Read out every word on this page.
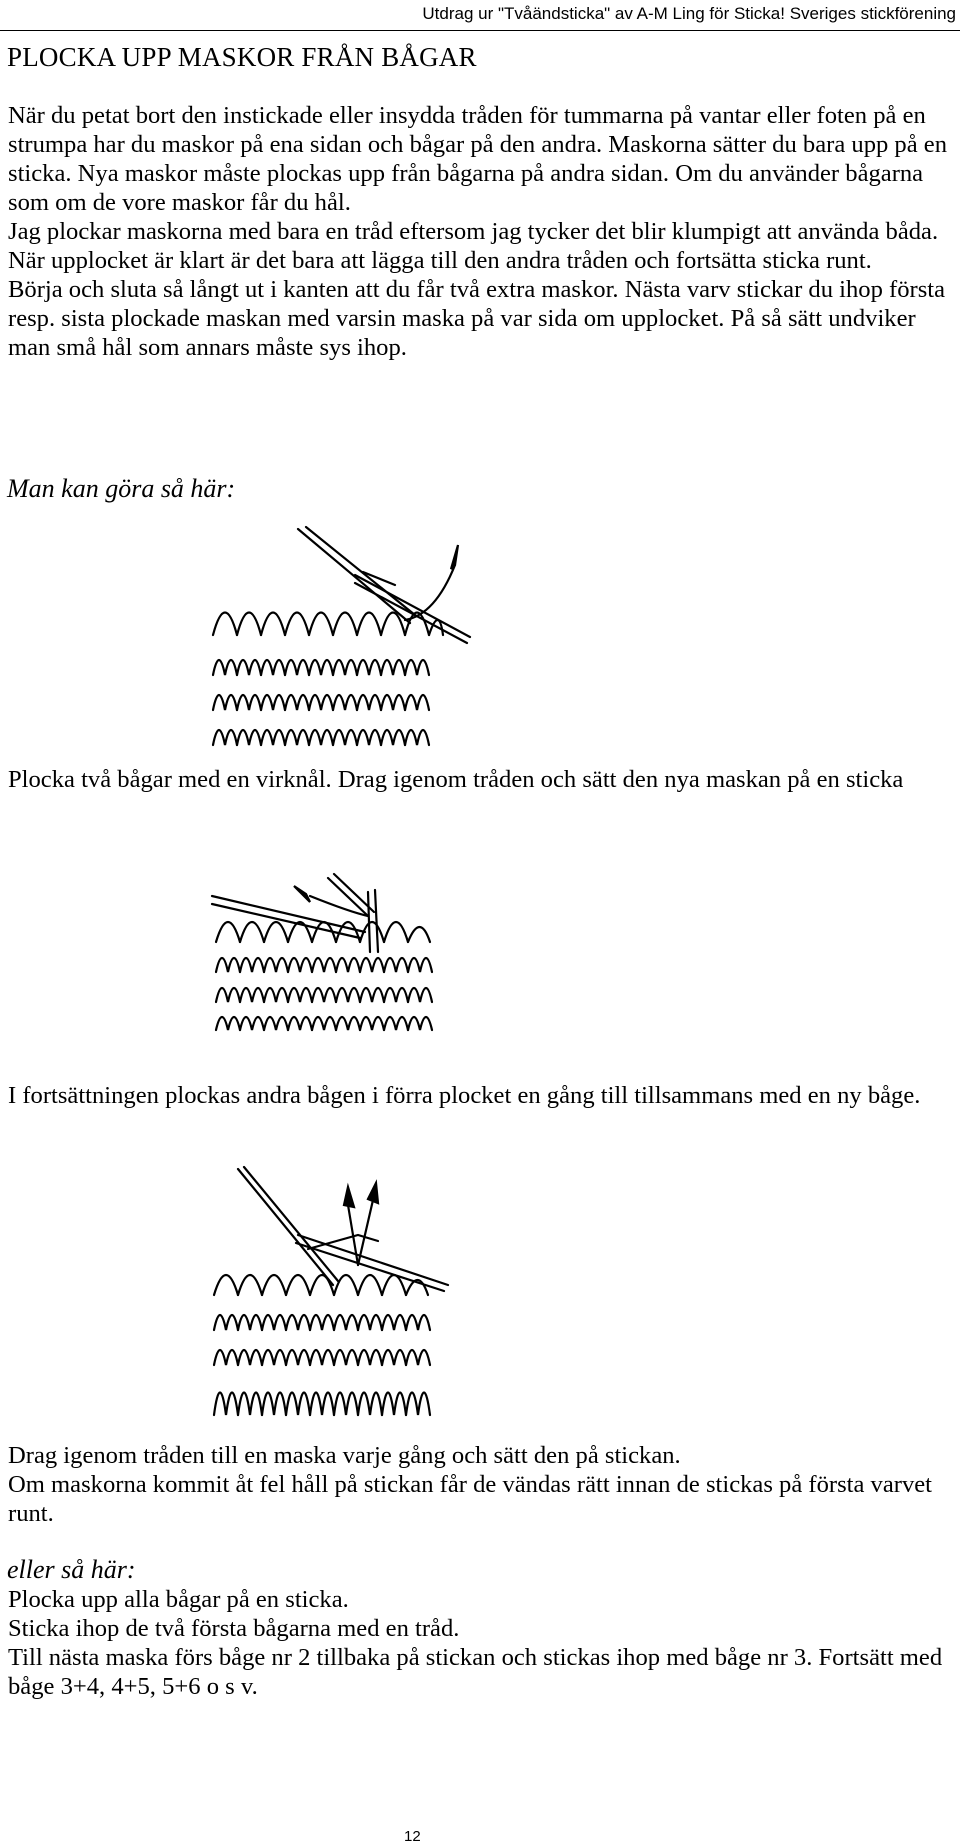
Utdrag ur "Tvåändsticka" av A-M Ling för Sticka! Sveriges stickförening
PLOCKA UPP MASKOR FRÅN BÅGAR

När du petat bort den instickade eller insydda tråden för tummarna på vantar eller foten på en strumpa har du maskor på ena sidan och bågar på den andra. Maskorna sätter du bara upp på en sticka. Nya maskor måste plockas upp från bågarna på andra sidan. Om du använder bågarna som om de vore maskor får du hål.

Jag plockar maskorna med bara en tråd eftersom jag tycker det blir klumpigt att använda båda. När upplocket är klart är det bara att lägga till den andra tråden och fortsätta sticka runt.

Börja och sluta så långt ut i kanten att du får två extra maskor. Nästa varv stickar du ihop första resp. sista plockade maskan med varsin maska på var sida om upplocket. På så sätt undviker man små hål som annars måste sys ihop.

Man kan göra så här:

Plocka två bågar med en virknål. Drag igenom tråden och sätt den nya maskan på en sticka
I fortsättningen plockas andra bågen i förra plocket en gång till tillsammans med en ny båge.
Drag igenom tråden till en maska varje gång och sätt den på stickan.
Om maskorna kommit åt fel håll på stickan får de vändas rätt innan de stickas på första varvet runt.

eller så här:

Plocka upp alla bågar på en sticka.
Sticka ihop de två första bågarna med en tråd.
Till nästa maska förs båge nr 2 tillbaka på stickan och stickas ihop med båge nr 3. Fortsätt med båge 3+4, 4+5, 5+6 o s v.
12
